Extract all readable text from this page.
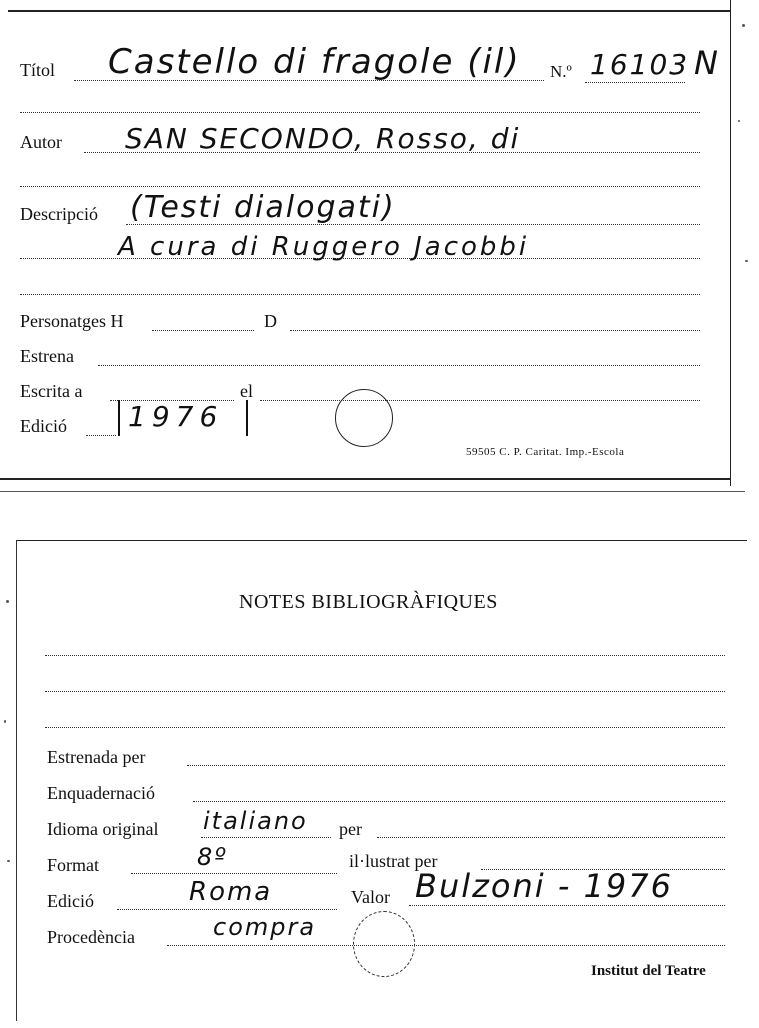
Títol Castello di fragole (il) N.º 16103 N
Autor SAN SECONDO, Rosso, di
Descripció (Testi dialogati)
A cura di Ruggero Jacobbi
Personatges H	D
Estrena
Escrita a	el
Edició 1976
59505 C. P. Caritat. Imp.-Escola
NOTES BIBLIOGRÀFIQUES
Estrenada per
Enquadernació
Idioma original italiano per
Format	8º	il·lustrat per
Edició	Roma	Valor Bulzoni - 1976
Procedència	compra
Institut del Teatre
